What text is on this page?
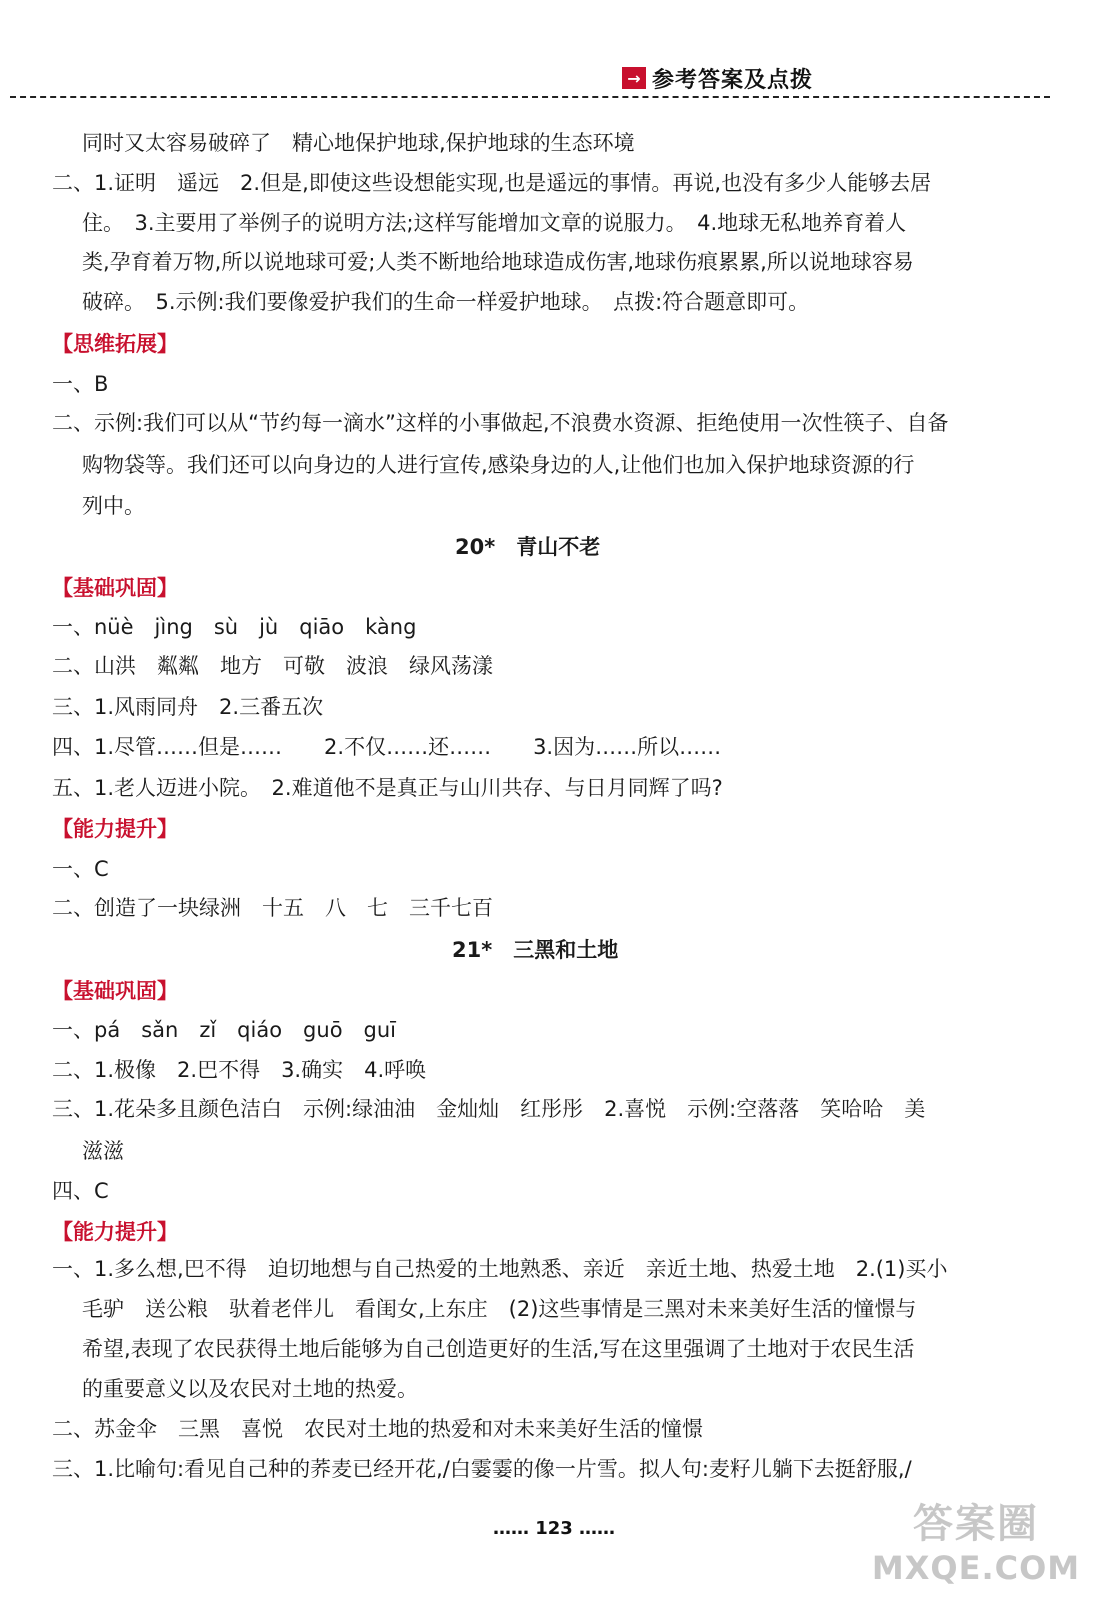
→ 参考答案及点拨
同时又太容易破碎了　精心地保护地球,保护地球的生态环境
二、1.证明　遥远　2.但是,即使这些设想能实现,也是遥远的事情。再说,也没有多少人能够去居
住。　3.主要用了举例子的说明方法;这样写能增加文章的说服力。　4.地球无私地养育着人
类,孕育着万物,所以说地球可爱;人类不断地给地球造成伤害,地球伤痕累累,所以说地球容易
破碎。　5.示例:我们要像爱护我们的生命一样爱护地球。　点拨:符合题意即可。
【思维拓展】
一、B
二、示例:我们可以从“节约每一滴水”这样的小事做起,不浪费水资源、拒绝使用一次性筷子、自备
购物袋等。我们还可以向身边的人进行宣传,感染身边的人,让他们也加入保护地球资源的行
列中。
20*　青山不老
【基础巩固】
一、nüè　jìng　sù　jù　qiāo　kàng
二、山洪　粼粼　地方　可敬　波浪　绿风荡漾
三、1.风雨同舟　2.三番五次
四、1.尽管……但是……　　2.不仅……还……　　3.因为……所以……
五、1.老人迈进小院。　2.难道他不是真正与山川共存、与日月同辉了吗?
【能力提升】
一、C
二、创造了一块绿洲　十五　八　七　三千七百
21*　三黑和土地
【基础巩固】
一、pá　sǎn　zǐ　qiáo　guō　guī
二、1.极像　2.巴不得　3.确实　4.呼唤
三、1.花朵多且颜色洁白　示例:绿油油　金灿灿　红彤彤　2.喜悦　示例:空落落　笑哈哈　美
滋滋
四、C
【能力提升】
一、1.多么想,巴不得　迫切地想与自己热爱的土地熟悉、亲近　亲近土地、热爱土地　2.(1)买小
毛驴　送公粮　驮着老伴儿　看闺女,上东庄　(2)这些事情是三黑对未来美好生活的憧憬与
希望,表现了农民获得土地后能够为自己创造更好的生活,写在这里强调了土地对于农民生活
的重要意义以及农民对土地的热爱。
二、苏金伞　三黑　喜悦　农民对土地的热爱和对未来美好生活的憧憬
三、1.比喻句:看见自己种的荞麦已经开花,/白霎霎的像一片雪。拟人句:麦籽儿躺下去挺舒服,/
…… 123 ……	答案圈
MXQE.COM
